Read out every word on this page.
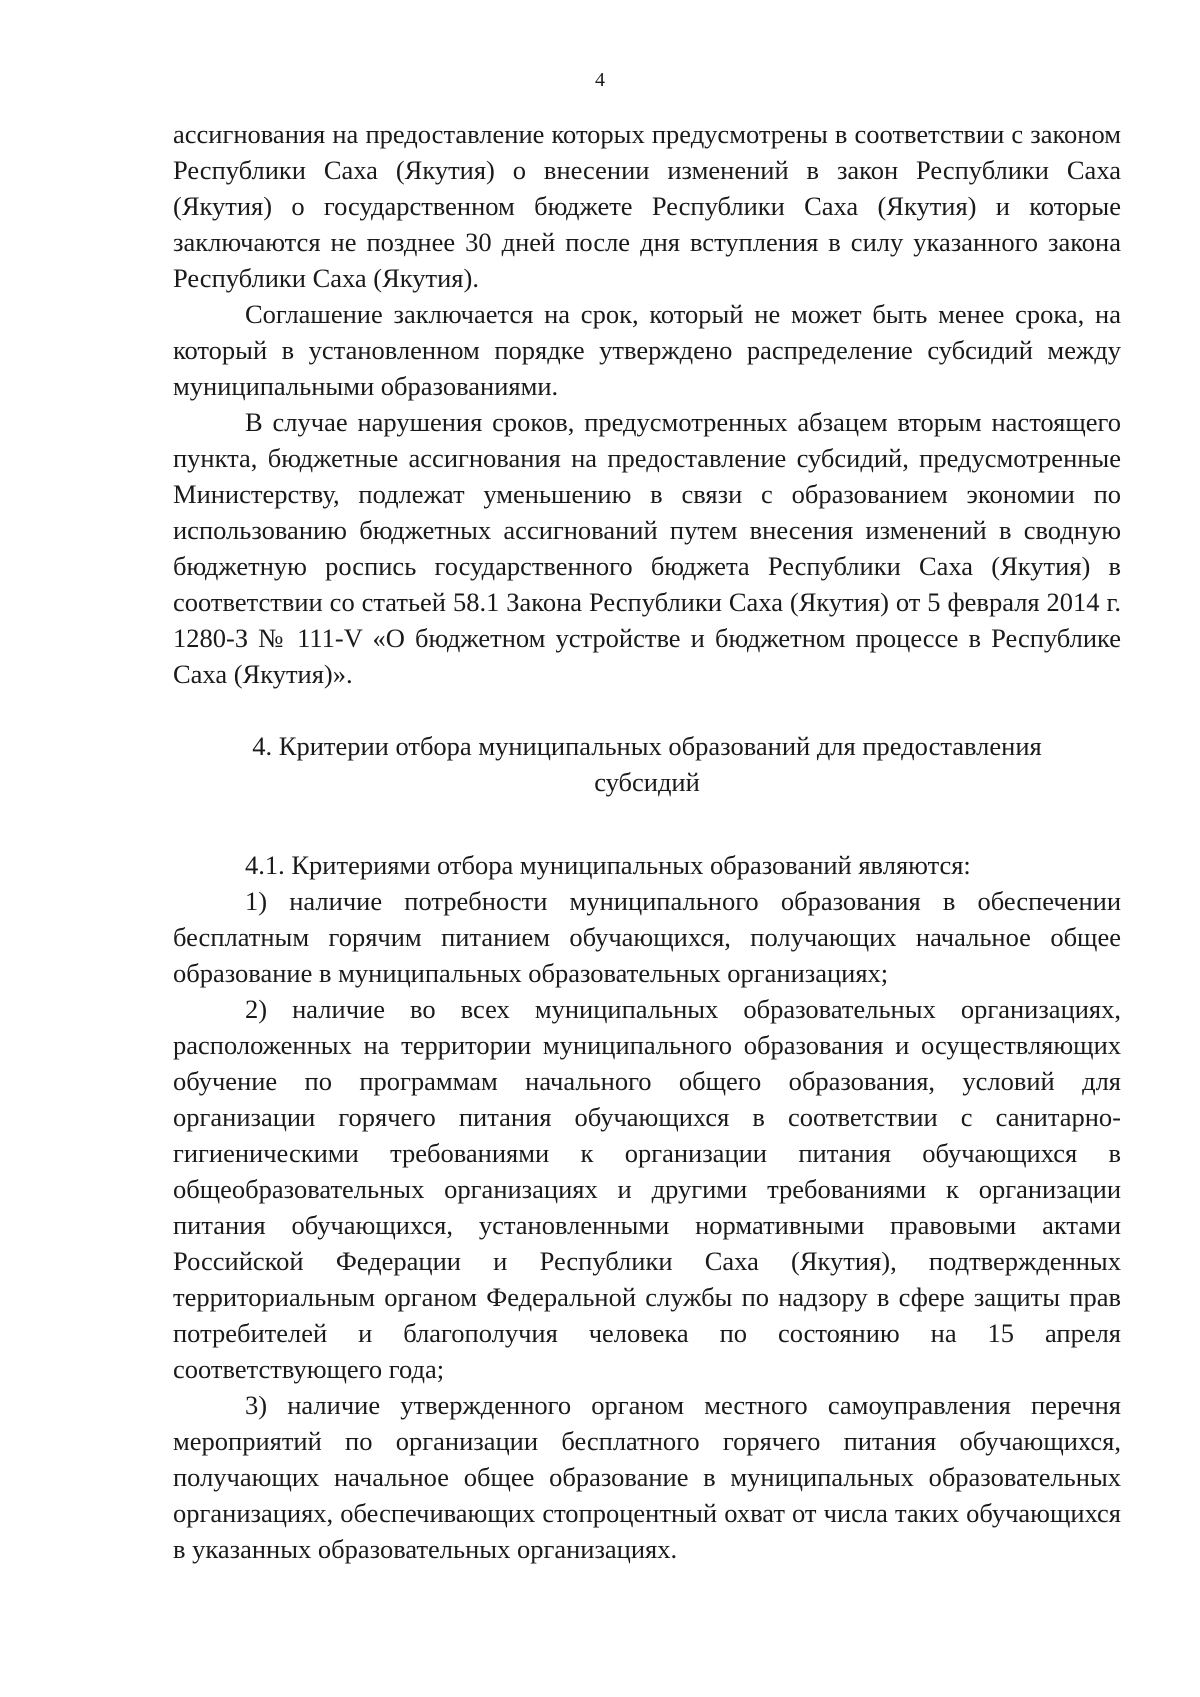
4

ассигнования на предоставление которых предусмотрены в соответствии с законом Республики Саха (Якутия) о внесении изменений в закон Республики Саха (Якутия) о государственном бюджете Республики Саха (Якутия) и которые заключаются не позднее 30 дней после дня вступления в силу указанного закона Республики Саха (Якутия).

Соглашение заключается на срок, который не может быть менее срока, на который в установленном порядке утверждено распределение субсидий между муниципальными образованиями.

В случае нарушения сроков, предусмотренных абзацем вторым настоящего пункта, бюджетные ассигнования на предоставление субсидий, предусмотренные Министерству, подлежат уменьшению в связи с образованием экономии по использованию бюджетных ассигнований путем внесения изменений в сводную бюджетную роспись государственного бюджета Республики Саха (Якутия) в соответствии со статьей 58.1 Закона Республики Саха (Якутия) от 5 февраля 2014 г. 1280-З № 111-V «О бюджетном устройстве и бюджетном процессе в Республике Саха (Якутия)».

4. Критерии отбора муниципальных образований для предоставления субсидий

4.1. Критериями отбора муниципальных образований являются:

1) наличие потребности муниципального образования в обеспечении бесплатным горячим питанием обучающихся, получающих начальное общее образование в муниципальных образовательных организациях;

2) наличие во всех муниципальных образовательных организациях, расположенных на территории муниципального образования и осуществляющих обучение по программам начального общего образования, условий для организации горячего питания обучающихся в соответствии с санитарно-гигиеническими требованиями к организации питания обучающихся в общеобразовательных организациях и другими требованиями к организации питания обучающихся, установленными нормативными правовыми актами Российской Федерации и Республики Саха (Якутия), подтвержденных территориальным органом Федеральной службы по надзору в сфере защиты прав потребителей и благополучия человека по состоянию на 15 апреля соответствующего года;

3) наличие утвержденного органом местного самоуправления перечня мероприятий по организации бесплатного горячего питания обучающихся, получающих начальное общее образование в муниципальных образовательных организациях, обеспечивающих стопроцентный охват от числа таких обучающихся в указанных образовательных организациях.
